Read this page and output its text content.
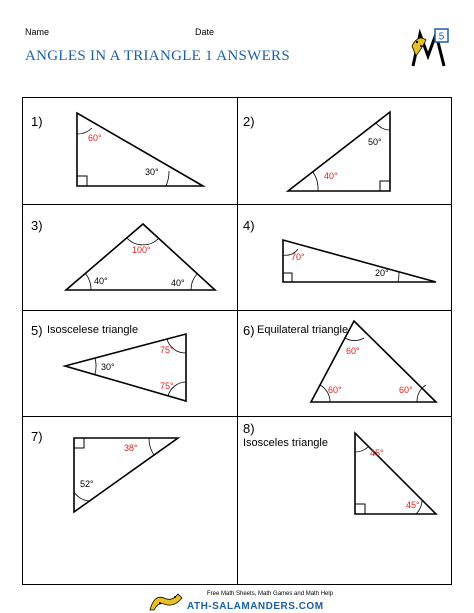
Name	Date
ANGLES IN A TRIANGLE 1 ANSWERS
5
1)
60°
30°
2)
50°
40°
3)
100°
40°	40°
4)
70°
20°
5) Isoscelese triangle
75°
30°
75°
6) Equilateral triangle
60°
60°	60°
7)
38°
52°
8)
Isosceles triangle
45°
45°
Free Math Sheets, Math Games and Math Help
ATH-SALAMANDERS.COM
